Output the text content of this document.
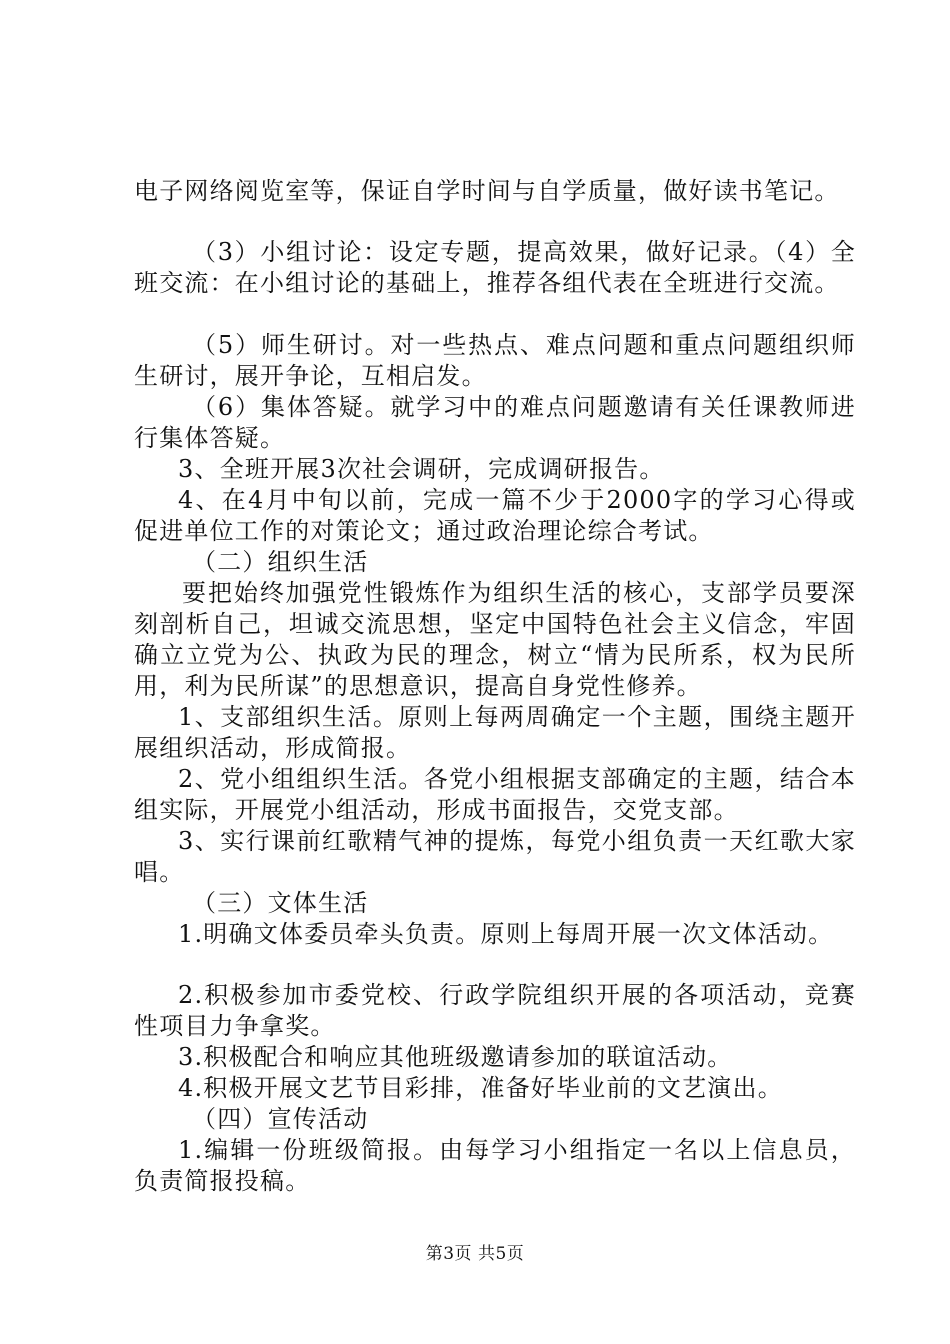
电子网络阅览室等，保证自学时间与自学质量，做好读书笔记。

（3）小组讨论：设定专题，提高效果，做好记录。（4）全班交流：在小组讨论的基础上，推荐各组代表在全班进行交流。

（5）师生研讨。对一些热点、难点问题和重点问题组织师生研讨，展开争论，互相启发。

（6）集体答疑。就学习中的难点问题邀请有关任课教师进行集体答疑。

3、全班开展3次社会调研，完成调研报告。

4、在4月中旬以前，完成一篇不少于2000字的学习心得或促进单位工作的对策论文；通过政治理论综合考试。

（二）组织生活

要把始终加强党性锻炼作为组织生活的核心，支部学员要深刻剖析自己，坦诚交流思想，坚定中国特色社会主义信念，牢固确立立党为公、执政为民的理念，树立“情为民所系，权为民所用，利为民所谋”的思想意识，提高自身党性修养。

1、支部组织生活。原则上每两周确定一个主题，围绕主题开展组织活动，形成简报。

2、党小组组织生活。各党小组根据支部确定的主题，结合本组实际，开展党小组活动，形成书面报告，交党支部。

3、实行课前红歌精气神的提炼，每党小组负责一天红歌大家唱。

（三）文体生活

1.明确文体委员牵头负责。原则上每周开展一次文体活动。

2.积极参加市委党校、行政学院组织开展的各项活动，竞赛性项目力争拿奖。

3.积极配合和响应其他班级邀请参加的联谊活动。

4.积极开展文艺节目彩排，准备好毕业前的文艺演出。

（四）宣传活动

1.编辑一份班级简报。由每学习小组指定一名以上信息员，负责简报投稿。

第3页 共5页
